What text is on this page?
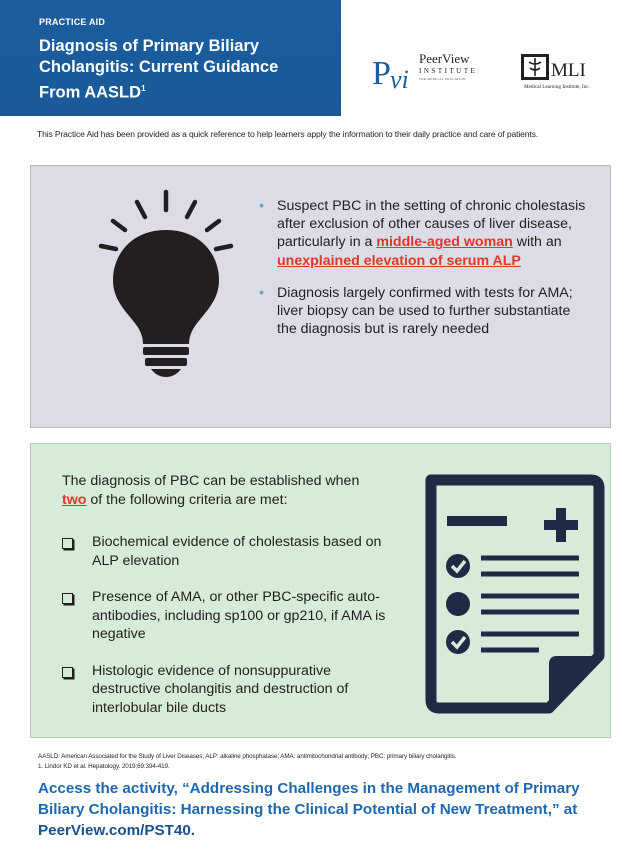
PRACTICE AID
Diagnosis of Primary Biliary
Cholangitis: Current Guidance
From AASLD$^1$	P vi
PeerView
INSTITUTE
FOR MEDICAL EDUCATION	MLI
Medical Learning Institute, Inc.
This Practice Aid has been provided as a quick reference to help learners apply the information to their daily practice and care of patients.
• Suspect PBC in the setting of chronic cholestasis after exclusion of other causes of liver disease, particularly in a middle-aged woman with an unexplained elevation of serum ALP
• Diagnosis largely confirmed with tests for AMA; liver biopsy can be used to further substantiate the diagnosis but is rarely needed
The diagnosis of PBC can be established when two of the following criteria are met:
Biochemical evidence of cholestasis based on ALP elevation
Presence of AMA, or other PBC-specific auto-antibodies, including sp100 or gp210, if AMA is negative
Histologic evidence of nonsuppurative destructive cholangitis and destruction of interlobular bile ducts
AASLD: American Associated for the Study of Liver Diseases; ALP: alkaline phosphatase; AMA: antimitochondrial antibody; PBC: primary biliary cholangitis.
1. Lindor KD et al. Hepatology. 2019;69:394-419.
Access the activity, “Addressing Challenges in the Management of Primary Biliary Cholangitis: Harnessing the Clinical Potential of New Treatment,” at
PeerView.com/PST40.
